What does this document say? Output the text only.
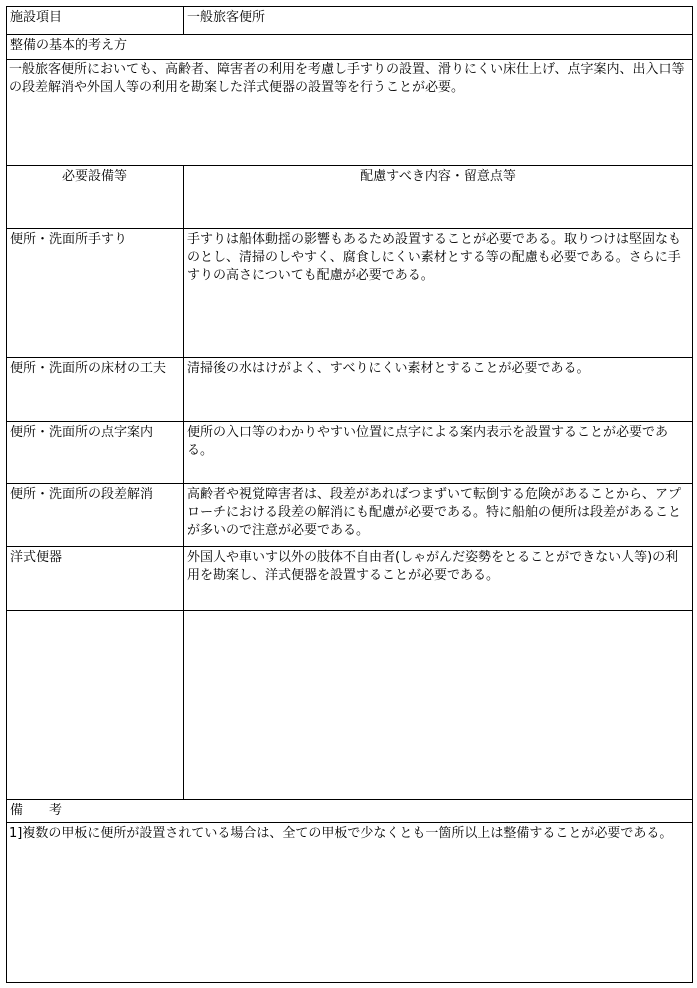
施設項目	一般旅客便所
整備の基本的考え方
一般旅客便所においても、高齢者、障害者の利用を考慮し手すりの設置、滑りにくい床仕上げ、点字案内、出入口等の段差解消や外国人等の利用を勘案した洋式便器の設置等を行うことが必要。
必要設備等	配慮すべき内容・留意点等
便所・洗面所手すり	手すりは船体動揺の影響もあるため設置することが必要である。取りつけは堅固なものとし、清掃のしやすく、腐食しにくい素材とする等の配慮も必要である。さらに手すりの高さについても配慮が必要である。
便所・洗面所の床材の工夫	清掃後の水はけがよく、すべりにくい素材とすることが必要である。
便所・洗面所の点字案内	便所の入口等のわかりやすい位置に点字による案内表示を設置することが必要である。
便所・洗面所の段差解消	高齢者や視覚障害者は、段差があればつまずいて転倒する危険があることから、アプローチにおける段差の解消にも配慮が必要である。特に船舶の便所は段差があることが多いので注意が必要である。
洋式便器	外国人や車いす以外の肢体不自由者(しゃがんだ姿勢をとることができない人等)の利用を勘案し、洋式便器を設置することが必要である。
備　　考
1]複数の甲板に便所が設置されている場合は、全ての甲板で少なくとも一箇所以上は整備することが必要である。
